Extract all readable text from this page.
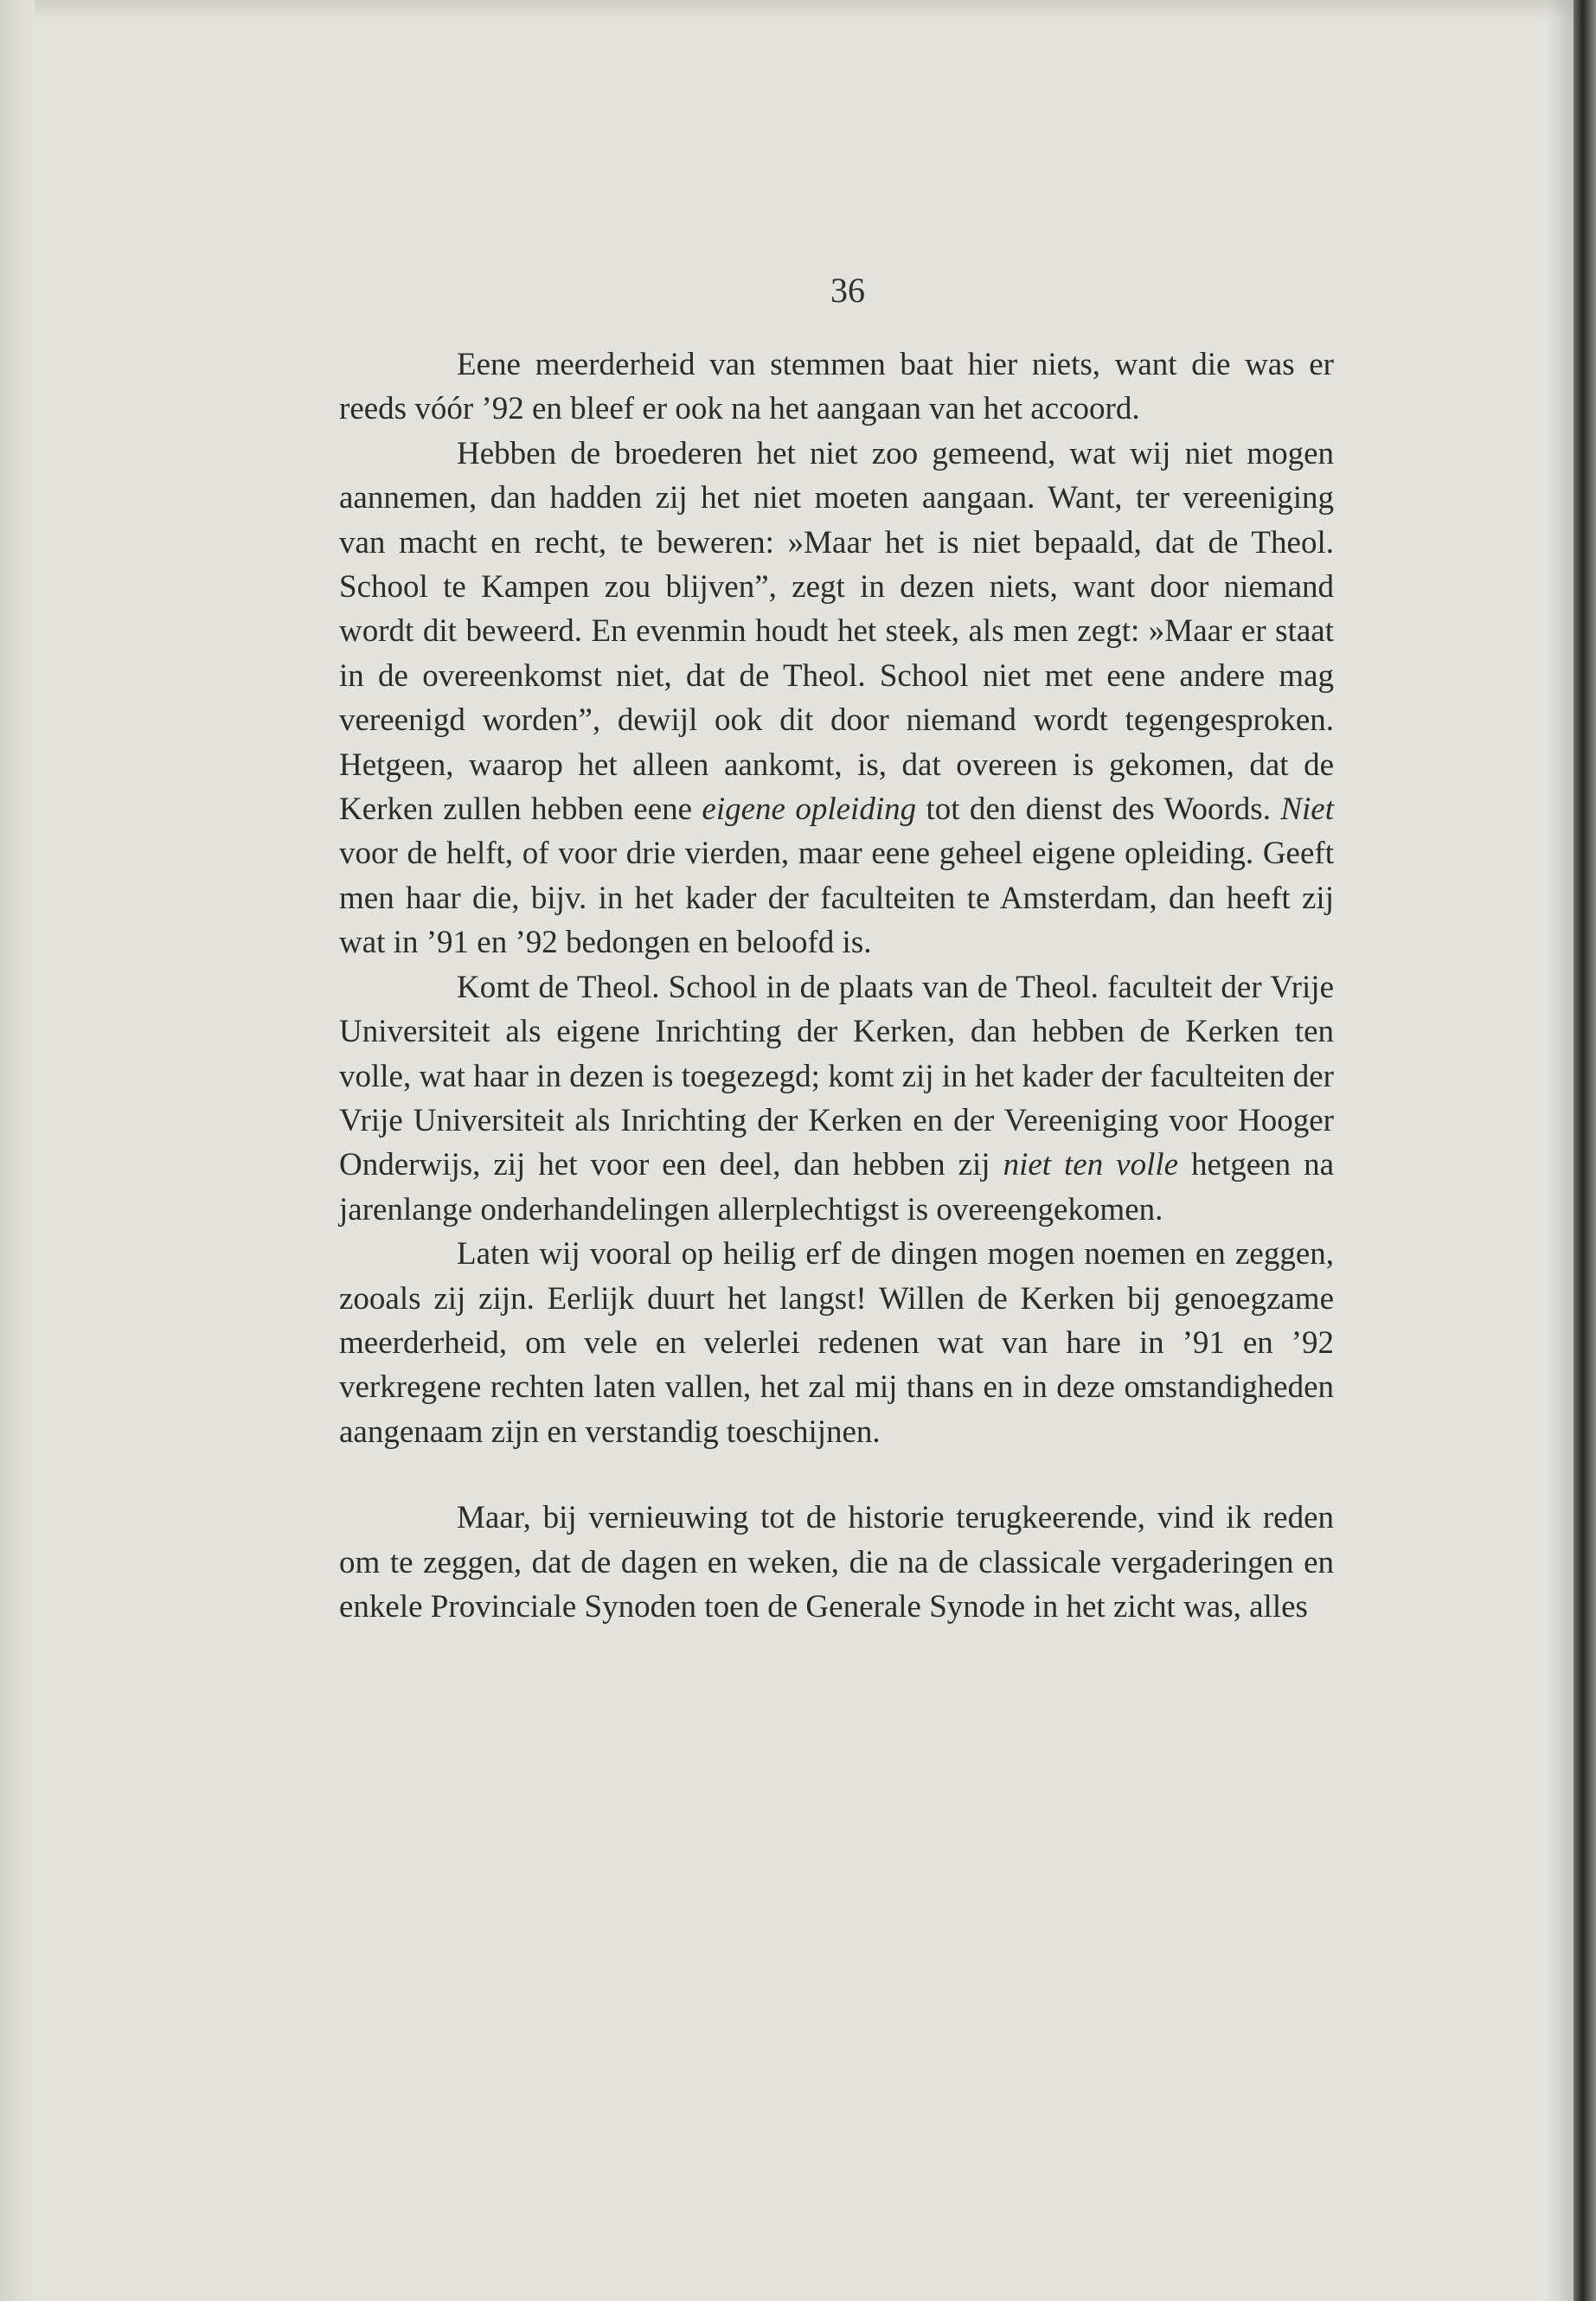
36

Eene meerderheid van stemmen baat hier niets, want die was er reeds vóór ’92 en bleef er ook na het aangaan van het accoord.

Hebben de broederen het niet zoo gemeend, wat wij niet mogen aannemen, dan hadden zij het niet moeten aangaan. Want, ter vereeniging van macht en recht, te beweren: »Maar het is niet bepaald, dat de Theol. School te Kampen zou blijven”, zegt in dezen niets, want door niemand wordt dit beweerd. En evenmin houdt het steek, als men zegt: »Maar er staat in de overeenkomst niet, dat de Theol. School niet met eene andere mag vereenigd worden”, dewijl ook dit door niemand wordt tegengesproken. Hetgeen, waarop het alleen aankomt, is, dat overeen is gekomen, dat de Kerken zullen hebben eene eigene opleiding tot den dienst des Woords. Niet voor de helft, of voor drie vierden, maar eene geheel eigene opleiding. Geeft men haar die, bijv. in het kader der faculteiten te Amsterdam, dan heeft zij wat in ’91 en ’92 bedongen en beloofd is.

Komt de Theol. School in de plaats van de Theol. faculteit der Vrije Universiteit als eigene Inrichting der Kerken, dan hebben de Kerken ten volle, wat haar in dezen is toegezegd; komt zij in het kader der faculteiten der Vrije Universiteit als Inrichting der Kerken en der Vereeniging voor Hooger Onderwijs, zij het voor een deel, dan hebben zij niet ten volle hetgeen na jarenlange onderhandelingen allerplechtigst is overeengekomen.

Laten wij vooral op heilig erf de dingen mogen noemen en zeggen, zooals zij zijn. Eerlijk duurt het langst! Willen de Kerken bij genoegzame meerderheid, om vele en velerlei redenen wat van hare in ’91 en ’92 verkregene rechten laten vallen, het zal mij thans en in deze omstandigheden aangenaam zijn en verstandig toeschijnen.

Maar, bij vernieuwing tot de historie terugkeerende, vind ik reden om te zeggen, dat de dagen en weken, die na de classicale vergaderingen en enkele Provinciale Synoden toen de Generale Synode in het zicht was, alles
